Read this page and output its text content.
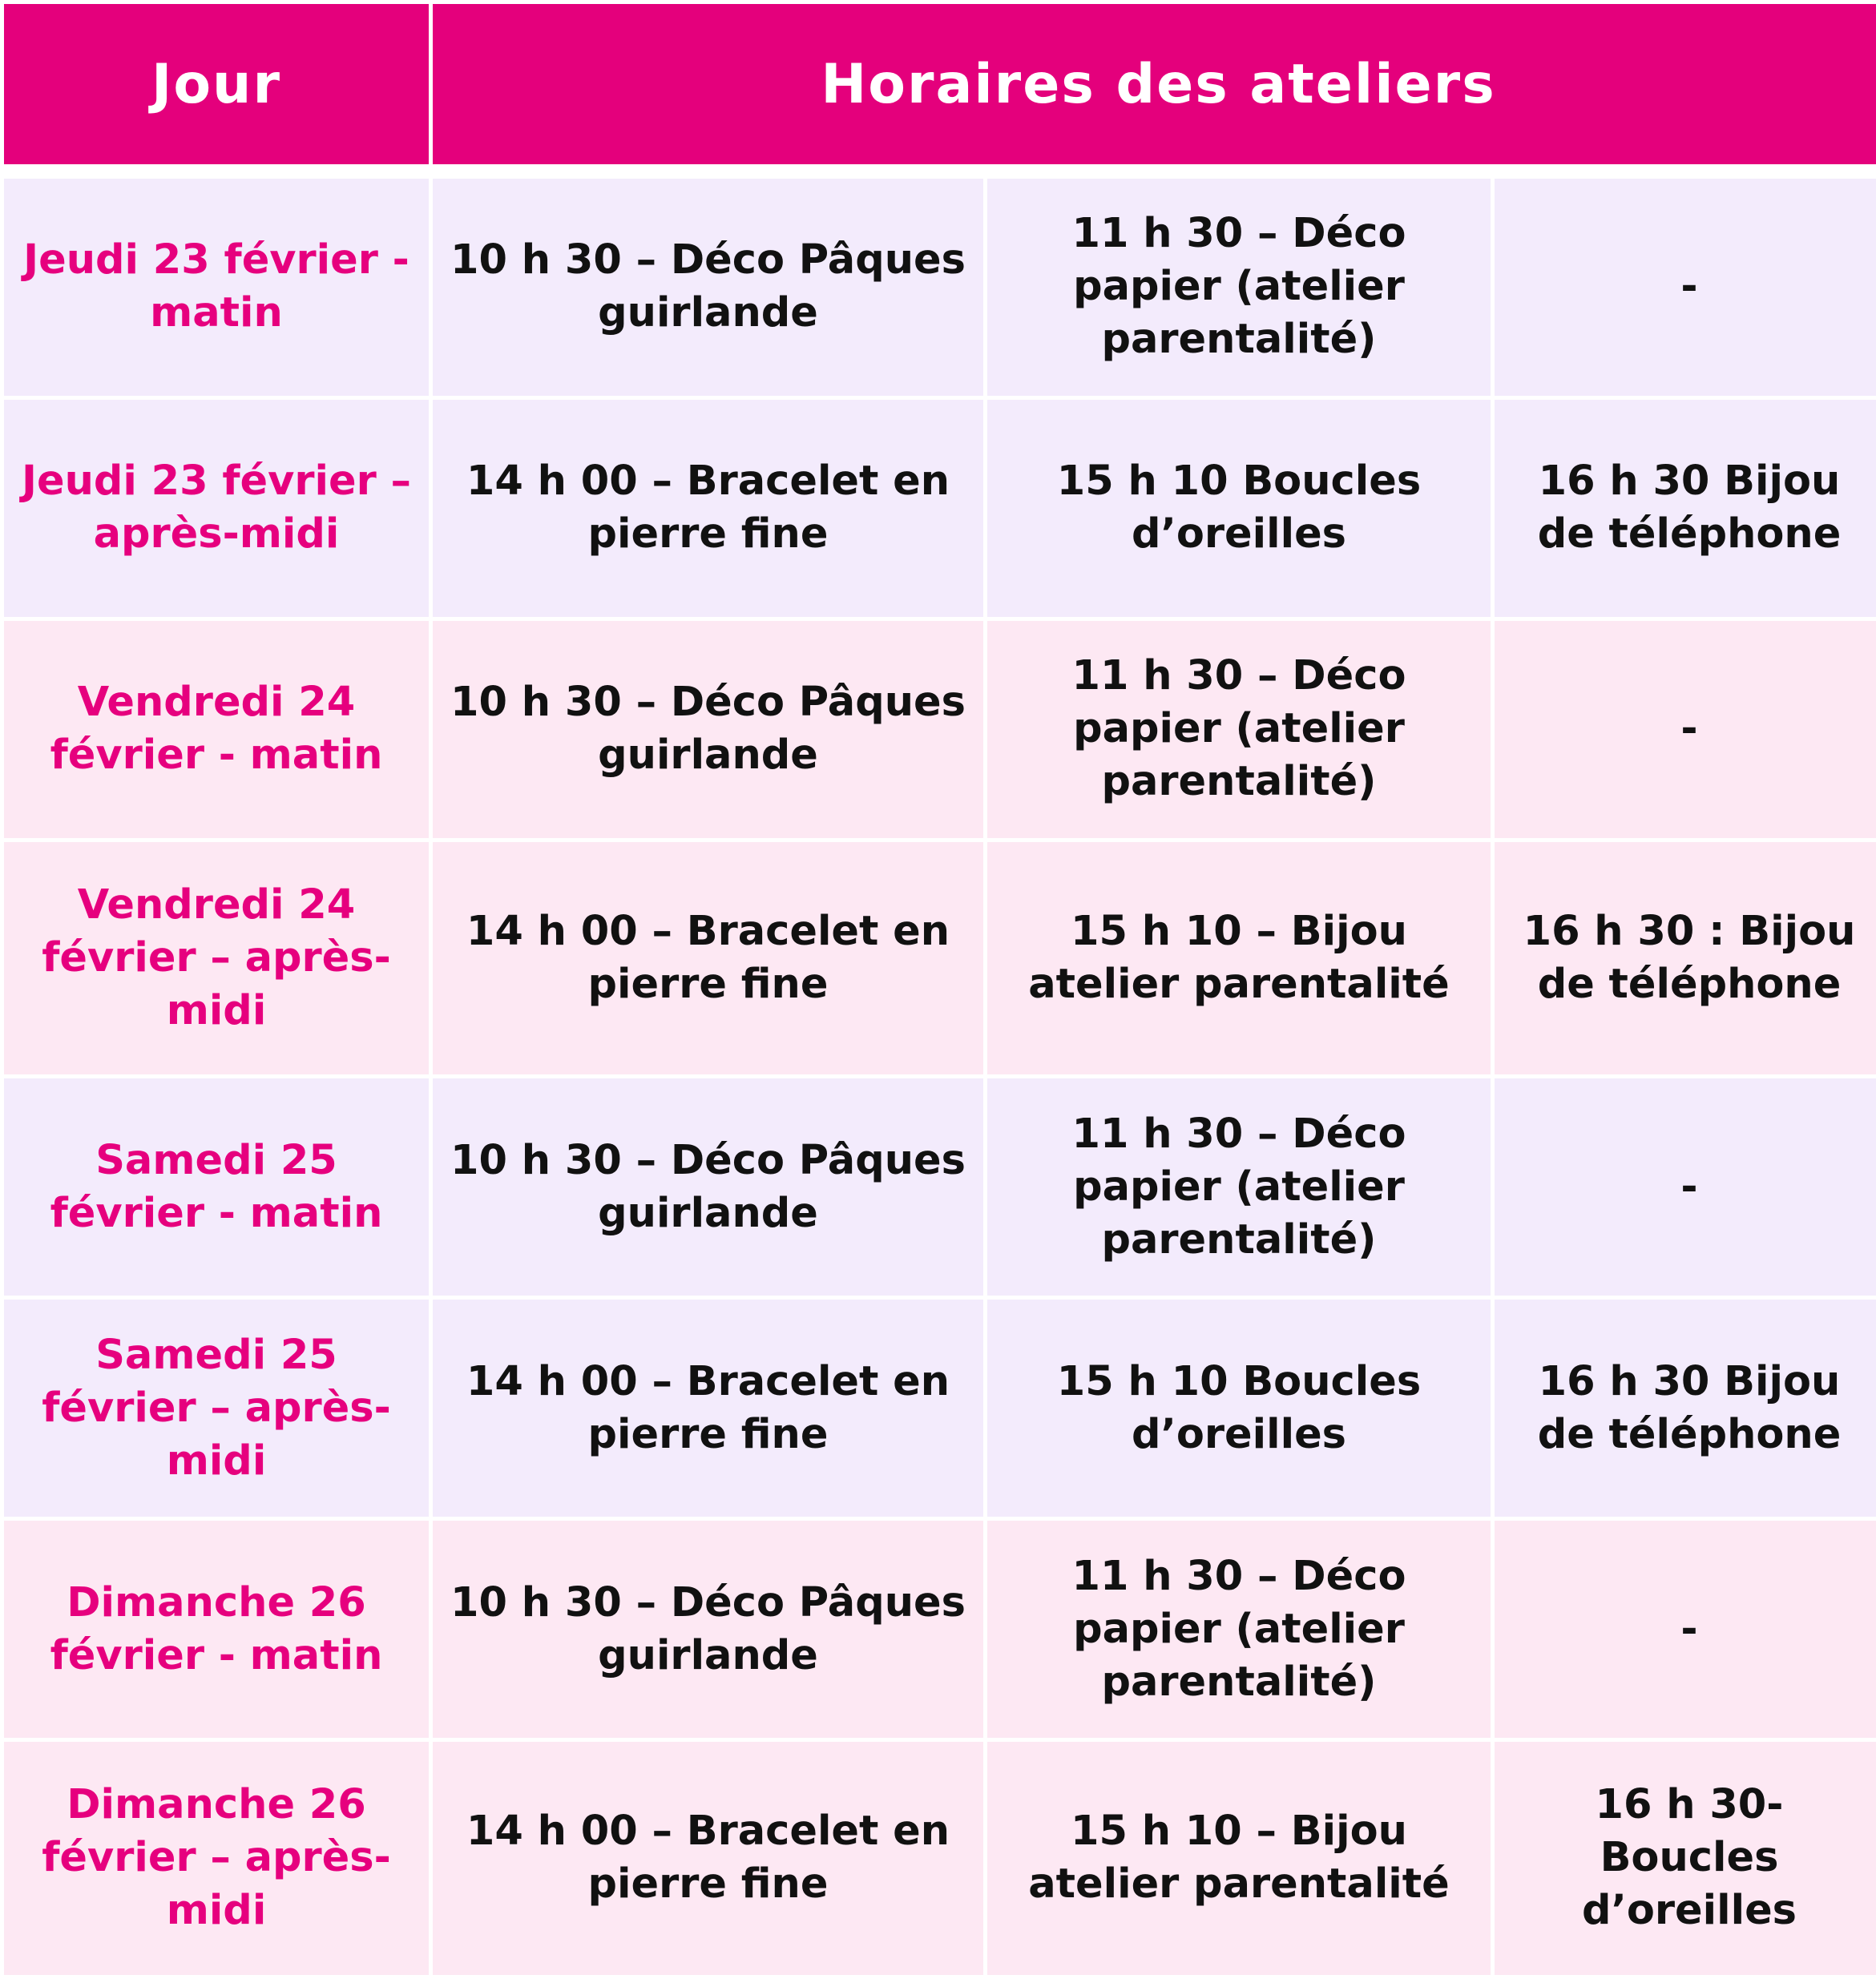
Jour	Horaires des ateliers		

Jeudi 23 février - matin	10 h 30 – Déco Pâques guirlande	11 h 30 – Déco papier (atelier parentalité)	-
Jeudi 23 février – après-midi	14 h 00 – Bracelet en pierre fine	15 h 10 Boucles d’oreilles	16 h 30 Bijou de téléphone
Vendredi 24 février - matin	10 h 30 – Déco Pâques guirlande	11 h 30 – Déco papier (atelier parentalité)	-
Vendredi 24 février – après-midi	14 h 00 – Bracelet en pierre fine	15 h 10 – Bijou atelier parentalité	16 h 30 : Bijou de téléphone
Samedi 25 février - matin	10 h 30 – Déco Pâques guirlande	11 h 30 – Déco papier (atelier parentalité)	-
Samedi 25 février – après-midi	14 h 00 – Bracelet en pierre fine	15 h 10 Boucles d’oreilles	16 h 30 Bijou de téléphone
Dimanche 26 février - matin	10 h 30 – Déco Pâques guirlande	11 h 30 – Déco papier (atelier parentalité)	-
Dimanche 26 février – après-midi	14 h 00 – Bracelet en pierre fine	15 h 10 – Bijou atelier parentalité	16 h 30- Boucles d’oreilles
